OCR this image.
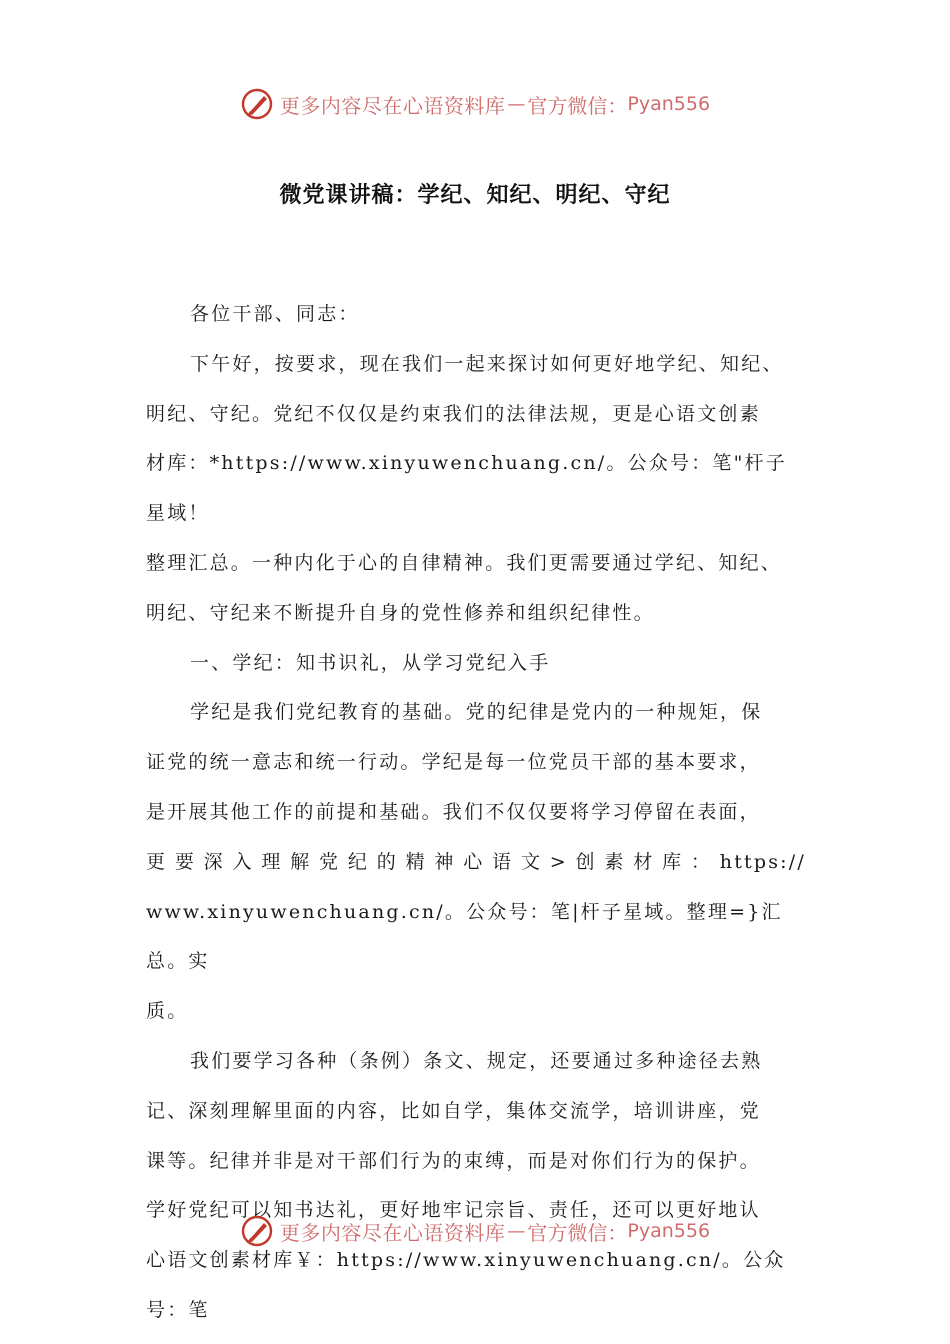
更多内容尽在心语资料库 — 官方微信： Pyan556
微党课讲稿：学纪、知纪、明纪、守纪

各位干部、同志：

下午好，按要求，现在我们一起来探讨如何更好地学纪、知纪、

明纪、守纪。党纪不仅仅是约束我们的法律法规，更是心语文创素

材库：*https://www.xinyuwenchuang.cn/。公众号：笔"杆子星域！

整理汇总。一种内化于心的自律精神。我们更需要通过学纪、知纪、

明纪、守纪来不断提升自身的党性修养和组织纪律性。

一、学纪：知书识礼，从学习党纪入手

学纪是我们党纪教育的基础。党的纪律是党内的一种规矩，保

证党的统一意志和统一行动。学纪是每一位党员干部的基本要求，

是开展其他工作的前提和基础。我们不仅仅要将学习停留在表面，

更要深入理解党纪的精神心语文>创素材库：https://

www.xinyuwenchuang.cn/。公众号：笔|杆子星域。整理=}汇总。实

质。

我们要学习各种（条例）条文、规定，还要通过多种途径去熟

记、深刻理解里面的内容，比如自学，集体交流学，培训讲座，党

课等。纪律并非是对干部们行为的束缚，而是对你们行为的保护。

学好党纪可以知书达礼，更好地牢记宗旨、责任，还可以更好地认

心语文创素材库￥：https://www.xinyuwenchuang.cn/。公众号：笔

更多内容尽在心语资料库 — 官方微信： Pyan556
